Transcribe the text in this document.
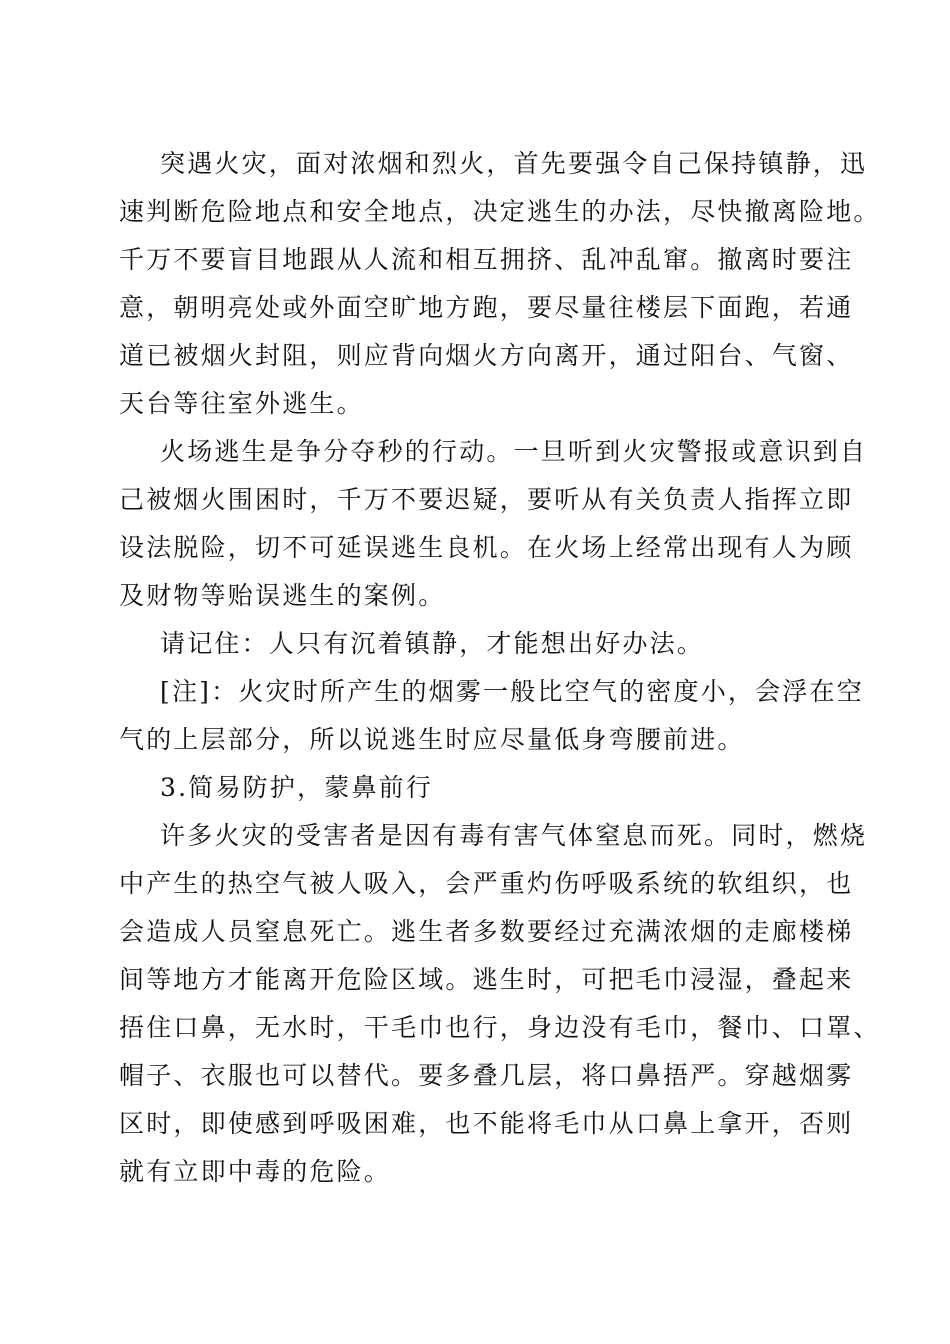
突遇火灾，面对浓烟和烈火，首先要强令自己保持镇静，迅
速判断危险地点和安全地点，决定逃生的办法，尽快撤离险地。
千万不要盲目地跟从人流和相互拥挤、乱冲乱窜。撤离时要注
意，朝明亮处或外面空旷地方跑，要尽量往楼层下面跑，若通
道已被烟火封阻，则应背向烟火方向离开，通过阳台、气窗、
天台等往室外逃生。
火场逃生是争分夺秒的行动。一旦听到火灾警报或意识到自
己被烟火围困时，千万不要迟疑，要听从有关负责人指挥立即
设法脱险，切不可延误逃生良机。在火场上经常出现有人为顾
及财物等贻误逃生的案例。
请记住：人只有沉着镇静，才能想出好办法。
[注]：火灾时所产生的烟雾一般比空气的密度小，会浮在空
气的上层部分，所以说逃生时应尽量低身弯腰前进。
3.简易防护，蒙鼻前行
许多火灾的受害者是因有毒有害气体窒息而死。同时，燃烧
中产生的热空气被人吸入，会严重灼伤呼吸系统的软组织，也
会造成人员窒息死亡。逃生者多数要经过充满浓烟的走廊楼梯
间等地方才能离开危险区域。逃生时，可把毛巾浸湿，叠起来
捂住口鼻，无水时，干毛巾也行，身边没有毛巾，餐巾、口罩、
帽子、衣服也可以替代。要多叠几层，将口鼻捂严。穿越烟雾
区时，即使感到呼吸困难，也不能将毛巾从口鼻上拿开，否则
就有立即中毒的危险。
